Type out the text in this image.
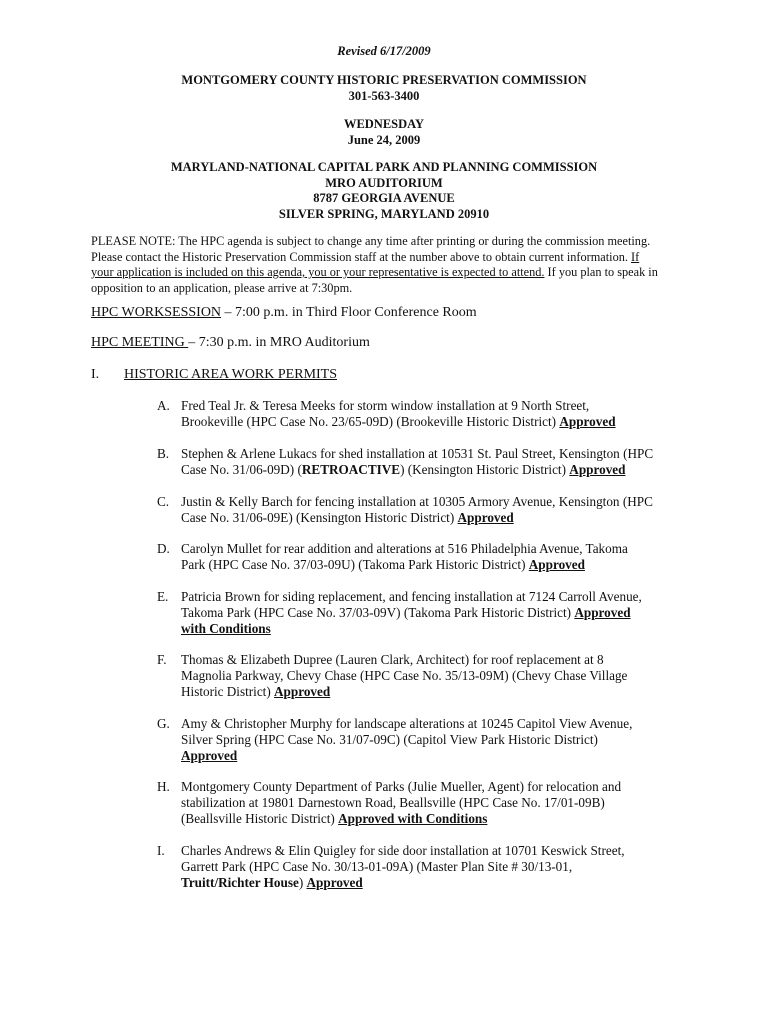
Revised 6/17/2009
MONTGOMERY COUNTY HISTORIC PRESERVATION COMMISSION
301-563-3400
WEDNESDAY
June 24, 2009
MARYLAND-NATIONAL CAPITAL PARK AND PLANNING COMMISSION
MRO AUDITORIUM
8787 GEORGIA AVENUE
SILVER SPRING, MARYLAND 20910
PLEASE NOTE: The HPC agenda is subject to change any time after printing or during the commission meeting.
Please contact the Historic Preservation Commission staff at the number above to obtain current information. If
your application is included on this agenda, you or your representative is expected to attend. If you plan to speak in
opposition to an application, please arrive at 7:30pm.
HPC WORKSESSION – 7:00 p.m. in Third Floor Conference Room
HPC MEETING – 7:30 p.m. in MRO Auditorium
I. HISTORIC AREA WORK PERMITS
A. Fred Teal Jr. & Teresa Meeks for storm window installation at 9 North Street,
Brookeville (HPC Case No. 23/65-09D) (Brookeville Historic District) Approved
B. Stephen & Arlene Lukacs for shed installation at 10531 St. Paul Street, Kensington (HPC
Case No. 31/06-09D) (RETROACTIVE) (Kensington Historic District) Approved
C. Justin & Kelly Barch for fencing installation at 10305 Armory Avenue, Kensington (HPC
Case No. 31/06-09E) (Kensington Historic District) Approved
D. Carolyn Mullet for rear addition and alterations at 516 Philadelphia Avenue, Takoma
Park (HPC Case No. 37/03-09U) (Takoma Park Historic District) Approved
E. Patricia Brown for siding replacement, and fencing installation at 7124 Carroll Avenue,
Takoma Park (HPC Case No. 37/03-09V) (Takoma Park Historic District) Approved
with Conditions
F. Thomas & Elizabeth Dupree (Lauren Clark, Architect) for roof replacement at 8
Magnolia Parkway, Chevy Chase (HPC Case No. 35/13-09M) (Chevy Chase Village
Historic District) Approved
G. Amy & Christopher Murphy for landscape alterations at 10245 Capitol View Avenue,
Silver Spring (HPC Case No. 31/07-09C) (Capitol View Park Historic District)
Approved
H. Montgomery County Department of Parks (Julie Mueller, Agent) for relocation and
stabilization at 19801 Darnestown Road, Beallsville (HPC Case No. 17/01-09B)
(Beallsville Historic District) Approved with Conditions
I. Charles Andrews & Elin Quigley for side door installation at 10701 Keswick Street,
Garrett Park (HPC Case No. 30/13-01-09A) (Master Plan Site # 30/13-01,
Truitt/Richter House) Approved
